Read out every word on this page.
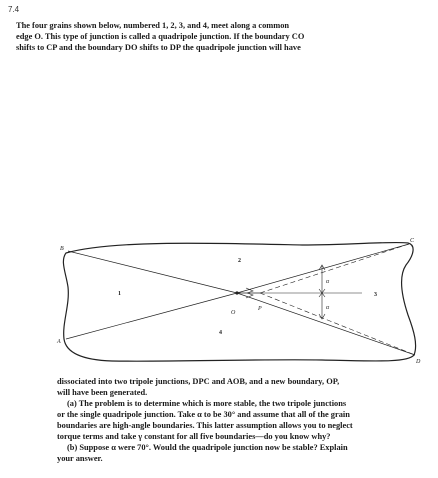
7.4

The four grains shown below, numbered 1, 2, 3, and 4, meet along a common

edge O. This type of junction is called a quadripole junction. If the boundary CO

shifts to CP and the boundary DO shifts to DP the quadripole junction will have

B
A
C
D
O
P
1
2
3
4
α
α

dissociated into two tripole junctions, DPC and AOB, and a new boundary, OP,

will have been generated.

(a) The problem is to determine which is more stable, the two tripole junctions

or the single quadripole junction. Take α to be 30° and assume that all of the grain

boundaries are high-angle boundaries. This latter assumption allows you to neglect

torque terms and take γ constant for all five boundaries—do you know why?

(b) Suppose α were 70°. Would the quadripole junction now be stable? Explain

your answer.
